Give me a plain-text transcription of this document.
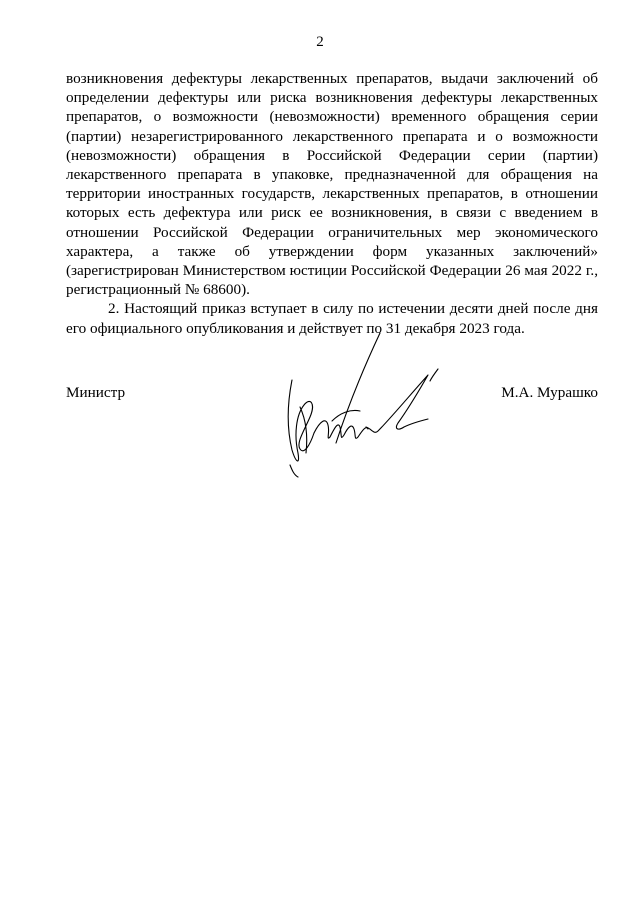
2

возникновения дефектуры лекарственных препаратов, выдачи заключений об определении дефектуры или риска возникновения дефектуры лекарственных препаратов, о возможности (невозможности) временного обращения серии (партии) незарегистрированного лекарственного препарата и о возможности (невозможности) обращения в Российской Федерации серии (партии) лекарственного препарата в упаковке, предназначенной для обращения на территории иностранных государств, лекарственных препаратов, в отношении которых есть дефектура или риск ее возникновения, в связи с введением в отношении Российской Федерации ограничительных мер экономического характера, а также об утверждении форм указанных заключений» (зарегистрирован Министерством юстиции Российской Федерации 26 мая 2022 г., регистрационный № 68600).

2. Настоящий приказ вступает в силу по истечении десяти дней после дня его официального опубликования и действует по 31 декабря 2023 года.

Министр	М.А. Мурашко
